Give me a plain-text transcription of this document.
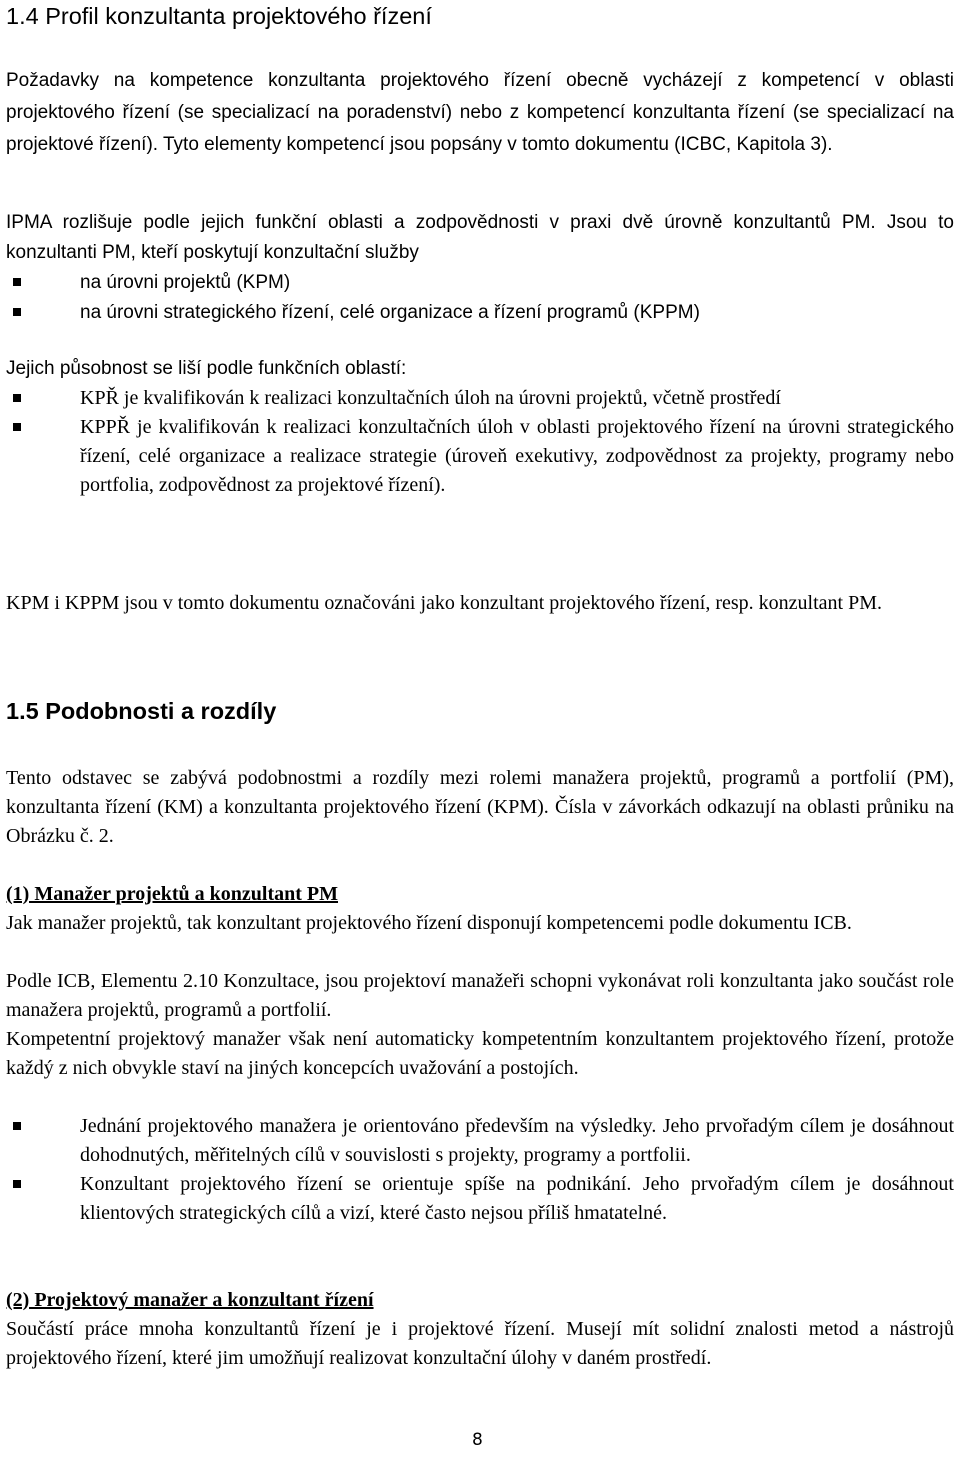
1.4 Profil konzultanta projektového řízení

Požadavky na kompetence konzultanta projektového řízení obecně vycházejí z kompetencí v oblasti projektového řízení (se specializací na poradenství) nebo z kompetencí konzultanta řízení (se specializací na projektové řízení). Tyto elementy kompetencí jsou popsány v tomto dokumentu (ICBC, Kapitola 3).

IPMA rozlišuje podle jejich funkční oblasti a zodpovědnosti v praxi dvě úrovně konzultantů PM. Jsou to konzultanti PM, kteří poskytují konzultační služby

na úrovni projektů (KPM)
na úrovni strategického řízení, celé organizace a řízení programů (KPPM)

Jejich působnost se liší podle funkčních oblastí:

KPŘ je kvalifikován k realizaci konzultačních úloh na úrovni projektů, včetně prostředí
KPPŘ je kvalifikován k realizaci konzultačních úloh v oblasti projektového řízení na úrovni strategického řízení, celé organizace a realizace strategie (úroveň exekutivy, zodpovědnost za projekty, programy nebo portfolia, zodpovědnost za projektové řízení).

KPM i KPPM jsou v tomto dokumentu označováni jako konzultant projektového řízení, resp. konzultant PM.

1.5 Podobnosti a rozdíly

Tento odstavec se zabývá podobnostmi a rozdíly mezi rolemi manažera projektů, programů a portfolií (PM), konzultanta řízení (KM) a konzultanta projektového řízení (KPM). Čísla v závorkách odkazují na oblasti průniku na Obrázku č. 2.

(1) Manažer projektů a konzultant PM

Jak manažer projektů, tak konzultant projektového řízení disponují kompetencemi podle dokumentu ICB.

Podle ICB, Elementu 2.10 Konzultace, jsou projektoví manažeři schopni vykonávat roli konzultanta jako součást role manažera projektů, programů a portfolií.

Kompetentní projektový manažer však není automaticky kompetentním konzultantem projektového řízení, protože každý z nich obvykle staví na jiných koncepcích uvažování a postojích.

Jednání projektového manažera je orientováno především na výsledky. Jeho prvořadým cílem je dosáhnout dohodnutých, měřitelných cílů v souvislosti s projekty, programy a portfolii.
Konzultant projektového řízení se orientuje spíše na podnikání. Jeho prvořadým cílem je dosáhnout klientových strategických cílů a vizí, které často nejsou příliš hmatatelné.
(2) Projektový manažer a konzultant řízení

Součástí práce mnoha konzultantů řízení je i projektové řízení. Musejí mít solidní znalosti metod a nástrojů projektového řízení, které jim umožňují realizovat konzultační úlohy v daném prostředí.

8
